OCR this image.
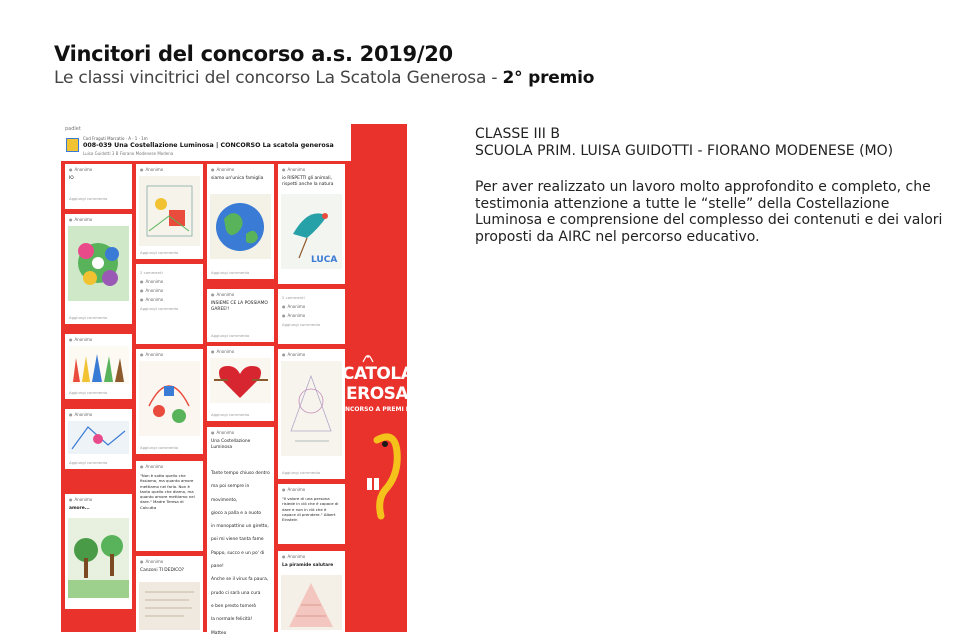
Vincitori del concorso a.s. 2019/20

Le classi vincitrici del concorso La Scatola Generosa - 2° premio

padlet
Cod Fraguti Marcatio · A · 1 · 1m
008-039 Una Costellazione Luminosa | CONCORSO La scatola generosa
Luisa Guidotti 3 B Fiorano Modenese Modena
● Anonimo
IO
Aggiungi commento
● Anonimo
Aggiungi commento
● Anonimo
Aggiungi commento
● Anonimo
Aggiungi commento
● Anonimo
amore...
● Anonimo
Aggiungi commento
2 commenti
● Anonimo
● Anonimo
● Anonimo
Aggiungi commento
● Anonimo
Aggiungi commento
● Anonimo
"Non è sotto quello che fissiamo, ma quanto amore mettiamo nel farlo. Non è tanto quello che diamo, ma quanto amore mettiamo nel dare." Madre Teresa di Calcutta
● Anonimo
Canzoni TI DEDICO?
● Anonimo
siamo un'unica famiglia
Aggiungi commento
● Anonimo
INSIEME CE LA POSSIAMO GAREE!!
Aggiungi commento
● Anonimo
Aggiungi commento
● Anonimo
Una Costellazione Luminosa
Tante tempo chiuso dentro
ma poi sempre in movimento,
gioco a palla e a nuoto
in monopattino un giretto,
poi mi viene tanta fame
Pappo, succo e un po' di pane!
Anche se il virus fa paura,
prudo ci sarà una cura
e ben presto tornerò
la normale felicità!
Matteo
● Anonimo
io RISPETTI gli animali, rispetti anche la natura
LUCA
2 commenti
● Anonimo
● Anonimo
Aggiungi commento
● Anonimo
Aggiungi commento
● Anonimo
"Il valore di una persona risiede in ciò che è capace di dare e non in ciò che è capace di prendere." Albert Einstein
● Anonimo
La piramide salutare
CATOLA
EROSA
NCORSO A PREMI PE

CLASSE III B

SCUOLA PRIM. LUISA GUIDOTTI - FIORANO MODENESE (MO)

Per aver realizzato un lavoro molto approfondito e completo, che testimonia attenzione a tutte le “stelle” della Costellazione Luminosa e comprensione del complesso dei contenuti e dei valori proposti da AIRC nel percorso educativo.
